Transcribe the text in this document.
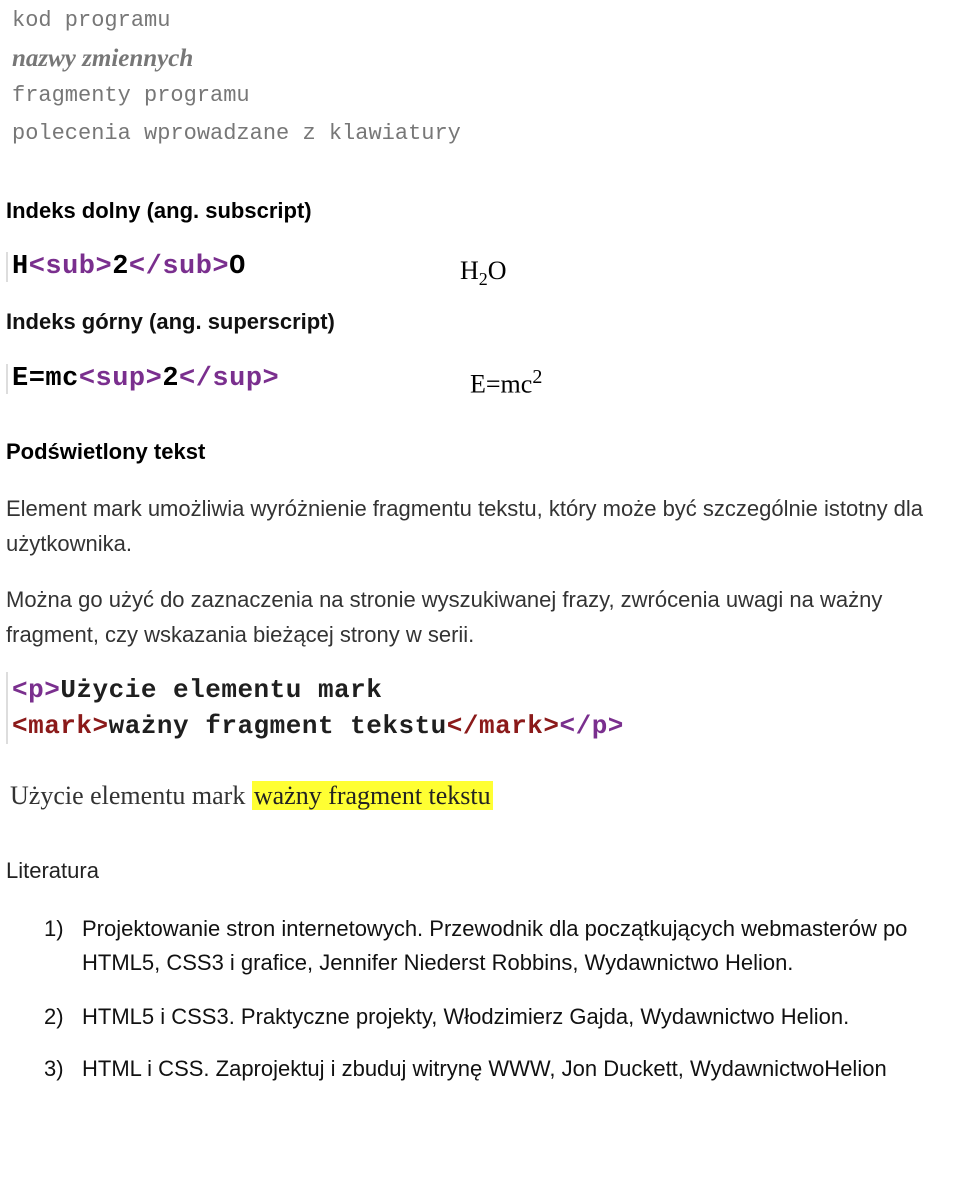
kod programu
nazwy zmiennych
fragmenty programu
polecenia wprowadzane z klawiatury
Indeks dolny (ang. subscript)
H<sub>2</sub>O	$H_2O$
Indeks górny (ang. superscript)
E=mc<sup>2</sup>	$E=mc^2$
Podświetlony tekst
Element mark umożliwia wyróżnienie fragmentu tekstu, który może być szczególnie istotny dla użytkownika.
Można go użyć do zaznaczenia na stronie wyszukiwanej frazy, zwrócenia uwagi na ważny fragment, czy wskazania bieżącej strony w serii.
<p>Użycie elementu mark
<mark>ważny fragment tekstu</mark></p>
Użycie elementu mark ważny fragment tekstu
Literatura
1) Projektowanie stron internetowych. Przewodnik dla początkujących webmasterów po HTML5, CSS3 i grafice, Jennifer Niederst Robbins, Wydawnictwo Helion.
2) HTML5 i CSS3. Praktyczne projekty, Włodzimierz Gajda, Wydawnictwo Helion.
3) HTML i CSS. Zaprojektuj i zbuduj witrynę WWW, Jon Duckett, WydawnictwoHelion
